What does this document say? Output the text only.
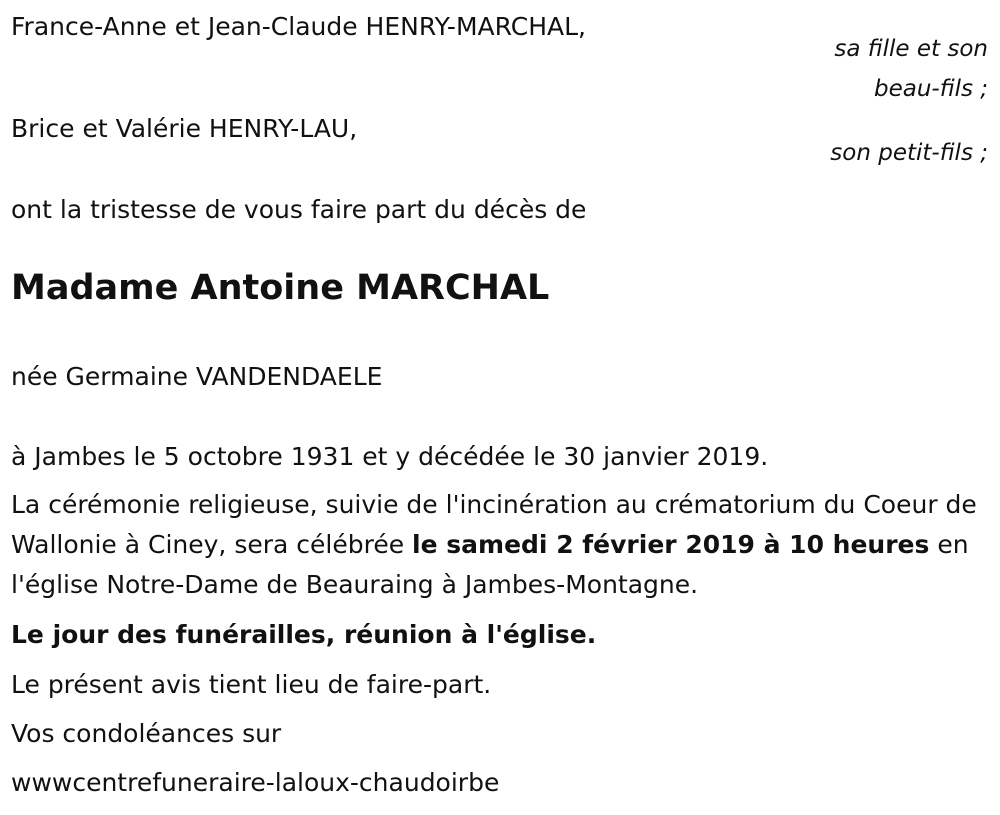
France-Anne et Jean-Claude HENRY-MARCHAL,
sa fille et son
beau-fils ;
Brice et Valérie HENRY-LAU,
son petit-fils ;
ont la tristesse de vous faire part du décès de
Madame Antoine MARCHAL
née Germaine VANDENDAELE
à Jambes le 5 octobre 1931 et y décédée le 30 janvier 2019.
La cérémonie religieuse, suivie de l'incinération au crématorium du Coeur de Wallonie à Ciney, sera célébrée le samedi 2 février 2019 à 10 heures en l'église Notre-Dame de Beauraing à Jambes-Montagne.
Le jour des funérailles, réunion à l'église.
Le présent avis tient lieu de faire-part.
Vos condoléances sur
wwwcentrefuneraire-laloux-chaudoirbe
